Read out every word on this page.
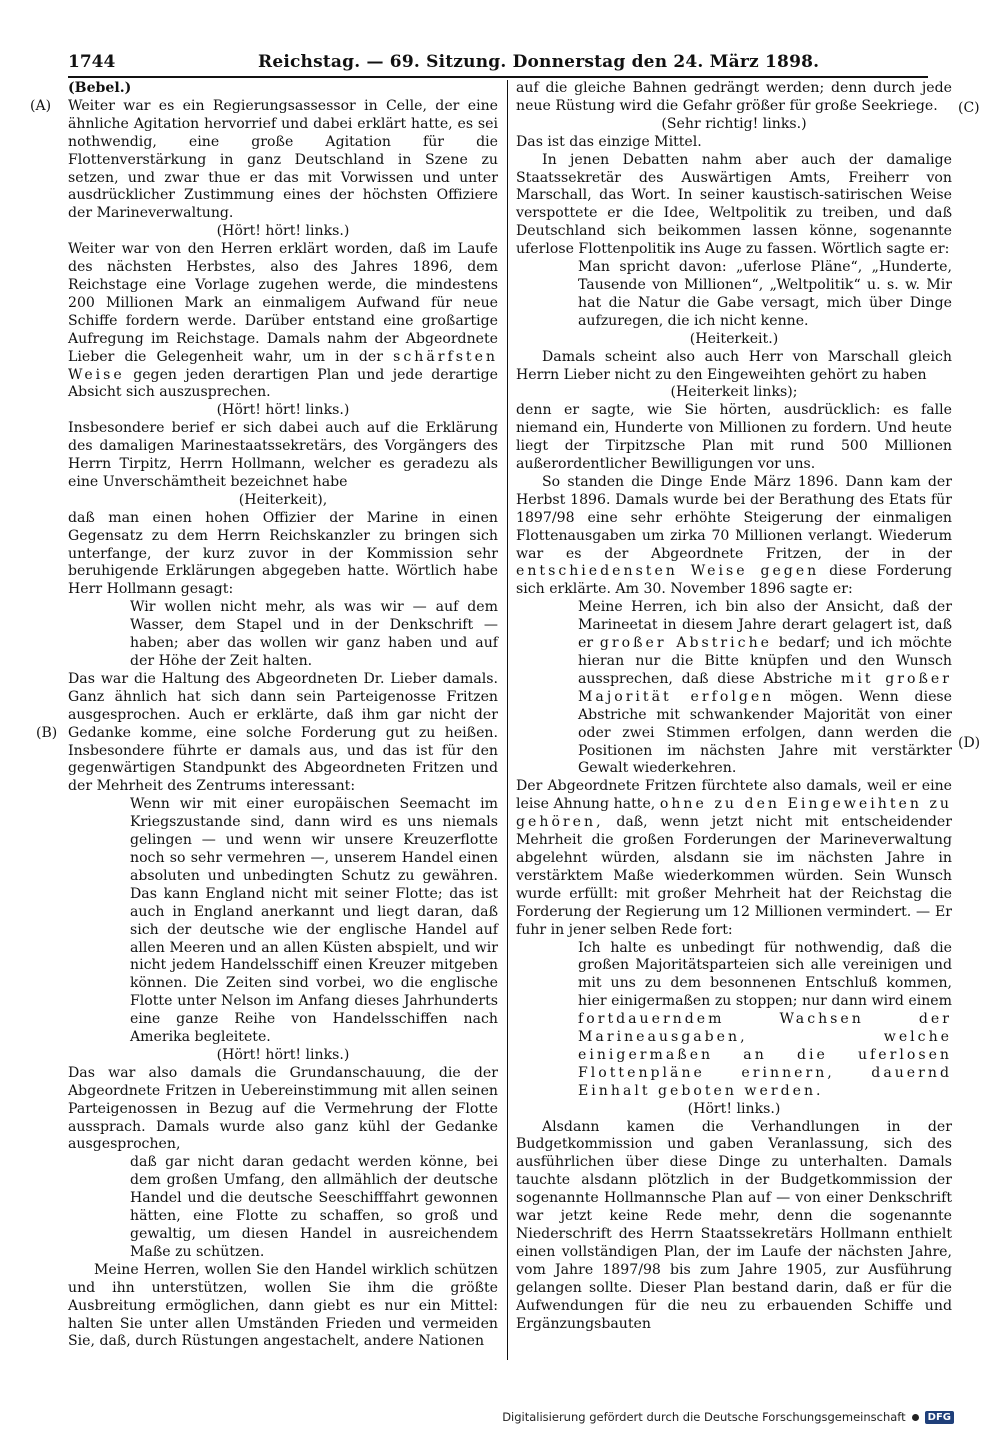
1744	Reichstag. — 69. Sitzung. Donnerstag den 24. März 1898.
(A)
(B)
(C)
(D)

(Bebel.)

Weiter war es ein Regierungsassessor in Celle, der eine ähnliche Agitation hervorrief und dabei erklärt hatte, es sei nothwendig, eine große Agitation für die Flottenverstärkung in ganz Deutschland in Szene zu setzen, und zwar thue er das mit Vorwissen und unter ausdrücklicher Zustimmung eines der höchsten Offiziere der Marineverwaltung.

(Hört! hört! links.)

Weiter war von den Herren erklärt worden, daß im Laufe des nächsten Herbstes, also des Jahres 1896, dem Reichstage eine Vorlage zugehen werde, die mindestens 200 Millionen Mark an einmaligem Aufwand für neue Schiffe fordern werde. Darüber entstand eine großartige Aufregung im Reichstage. Damals nahm der Abgeordnete Lieber die Gelegenheit wahr, um in der schärfsten Weise gegen jeden derartigen Plan und jede derartige Absicht sich auszusprechen.

(Hört! hört! links.)

Insbesondere berief er sich dabei auch auf die Erklärung des damaligen Marinestaatssekretärs, des Vorgängers des Herrn Tirpitz, Herrn Hollmann, welcher es geradezu als eine Unverschämtheit bezeichnet habe

(Heiterkeit),

daß man einen hohen Offizier der Marine in einen Gegensatz zu dem Herrn Reichskanzler zu bringen sich unterfange, der kurz zuvor in der Kommission sehr beruhigende Erklärungen abgegeben hatte. Wörtlich habe Herr Hollmann gesagt:

Wir wollen nicht mehr, als was wir — auf dem Wasser, dem Stapel und in der Denkschrift — haben; aber das wollen wir ganz haben und auf der Höhe der Zeit halten.

Das war die Haltung des Abgeordneten Dr. Lieber damals. Ganz ähnlich hat sich dann sein Parteigenosse Fritzen ausgesprochen. Auch er erklärte, daß ihm gar nicht der Gedanke komme, eine solche Forderung gut zu heißen. Insbesondere führte er damals aus, und das ist für den gegenwärtigen Standpunkt des Abgeordneten Fritzen und der Mehrheit des Zentrums interessant:

Wenn wir mit einer europäischen Seemacht im Kriegszustande sind, dann wird es uns niemals gelingen — und wenn wir unsere Kreuzerflotte noch so sehr vermehren —, unserem Handel einen absoluten und unbedingten Schutz zu gewähren. Das kann England nicht mit seiner Flotte; das ist auch in England anerkannt und liegt daran, daß sich der deutsche wie der englische Handel auf allen Meeren und an allen Küsten abspielt, und wir nicht jedem Handelsschiff einen Kreuzer mitgeben können. Die Zeiten sind vorbei, wo die englische Flotte unter Nelson im Anfang dieses Jahrhunderts eine ganze Reihe von Handelsschiffen nach Amerika begleitete.

(Hört! hört! links.)

Das war also damals die Grundanschauung, die der Abgeordnete Fritzen in Uebereinstimmung mit allen seinen Parteigenossen in Bezug auf die Vermehrung der Flotte aussprach. Damals wurde also ganz kühl der Gedanke ausgesprochen,

daß gar nicht daran gedacht werden könne, bei dem großen Umfang, den allmählich der deutsche Handel und die deutsche Seeschifffahrt gewonnen hätten, eine Flotte zu schaffen, so groß und gewaltig, um diesen Handel in ausreichendem Maße zu schützen.

Meine Herren, wollen Sie den Handel wirklich schützen und ihn unterstützen, wollen Sie ihm die größte Ausbreitung ermöglichen, dann giebt es nur ein Mittel: halten Sie unter allen Umständen Frieden und vermeiden Sie, daß, durch Rüstungen angestachelt, andere Nationen

auf die gleiche Bahnen gedrängt werden; denn durch jede neue Rüstung wird die Gefahr größer für große Seekriege.

(Sehr richtig! links.)

Das ist das einzige Mittel.

In jenen Debatten nahm aber auch der damalige Staatssekretär des Auswärtigen Amts, Freiherr von Marschall, das Wort. In seiner kaustisch-satirischen Weise verspottete er die Idee, Weltpolitik zu treiben, und daß Deutschland sich beikommen lassen könne, sogenannte uferlose Flottenpolitik ins Auge zu fassen. Wörtlich sagte er:

Man spricht davon: „uferlose Pläne“, „Hunderte, Tausende von Millionen“, „Weltpolitik“ u. s. w. Mir hat die Natur die Gabe versagt, mich über Dinge aufzuregen, die ich nicht kenne.

(Heiterkeit.)

Damals scheint also auch Herr von Marschall gleich Herrn Lieber nicht zu den Eingeweihten gehört zu haben

(Heiterkeit links);

denn er sagte, wie Sie hörten, ausdrücklich: es falle niemand ein, Hunderte von Millionen zu fordern. Und heute liegt der Tirpitzsche Plan mit rund 500 Millionen außerordentlicher Bewilligungen vor uns.

So standen die Dinge Ende März 1896. Dann kam der Herbst 1896. Damals wurde bei der Berathung des Etats für 1897/98 eine sehr erhöhte Steigerung der einmaligen Flottenausgaben um zirka 70 Millionen verlangt. Wiederum war es der Abgeordnete Fritzen, der in der entschiedensten Weise gegen diese Forderung sich erklärte. Am 30. November 1896 sagte er:

Meine Herren, ich bin also der Ansicht, daß der Marineetat in diesem Jahre derart gelagert ist, daß er großer Abstriche bedarf; und ich möchte hieran nur die Bitte knüpfen und den Wunsch aussprechen, daß diese Abstriche mit großer Majorität erfolgen mögen. Wenn diese Abstriche mit schwankender Majorität von einer oder zwei Stimmen erfolgen, dann werden die Positionen im nächsten Jahre mit verstärkter Gewalt wiederkehren.

Der Abgeordnete Fritzen fürchtete also damals, weil er eine leise Ahnung hatte, ohne zu den Eingeweihten zu gehören, daß, wenn jetzt nicht mit entscheidender Mehrheit die großen Forderungen der Marineverwaltung abgelehnt würden, alsdann sie im nächsten Jahre in verstärktem Maße wiederkommen würden. Sein Wunsch wurde erfüllt: mit großer Mehrheit hat der Reichstag die Forderung der Regierung um 12 Millionen vermindert. — Er fuhr in jener selben Rede fort:

Ich halte es unbedingt für nothwendig, daß die großen Majoritätsparteien sich alle vereinigen und mit uns zu dem besonnenen Entschluß kommen, hier einigermaßen zu stoppen; nur dann wird einem fortdauerndem Wachsen der Marineausgaben, welche einigermaßen an die uferlosen Flottenpläne erinnern, dauernd Einhalt geboten werden.

(Hört! links.)

Alsdann kamen die Verhandlungen in der Budgetkommission und gaben Veranlassung, sich des ausführlichen über diese Dinge zu unterhalten. Damals tauchte alsdann plötzlich in der Budgetkommission der sogenannte Hollmannsche Plan auf — von einer Denkschrift war jetzt keine Rede mehr, denn die sogenannte Niederschrift des Herrn Staatssekretärs Hollmann enthielt einen vollständigen Plan, der im Laufe der nächsten Jahre, vom Jahre 1897/98 bis zum Jahre 1905, zur Ausführung gelangen sollte. Dieser Plan bestand darin, daß er für die Aufwendungen für die neu zu erbauenden Schiffe und Ergänzungsbauten

Digitalisierung gefördert durch die Deutsche Forschungsgemeinschaft	DFG
